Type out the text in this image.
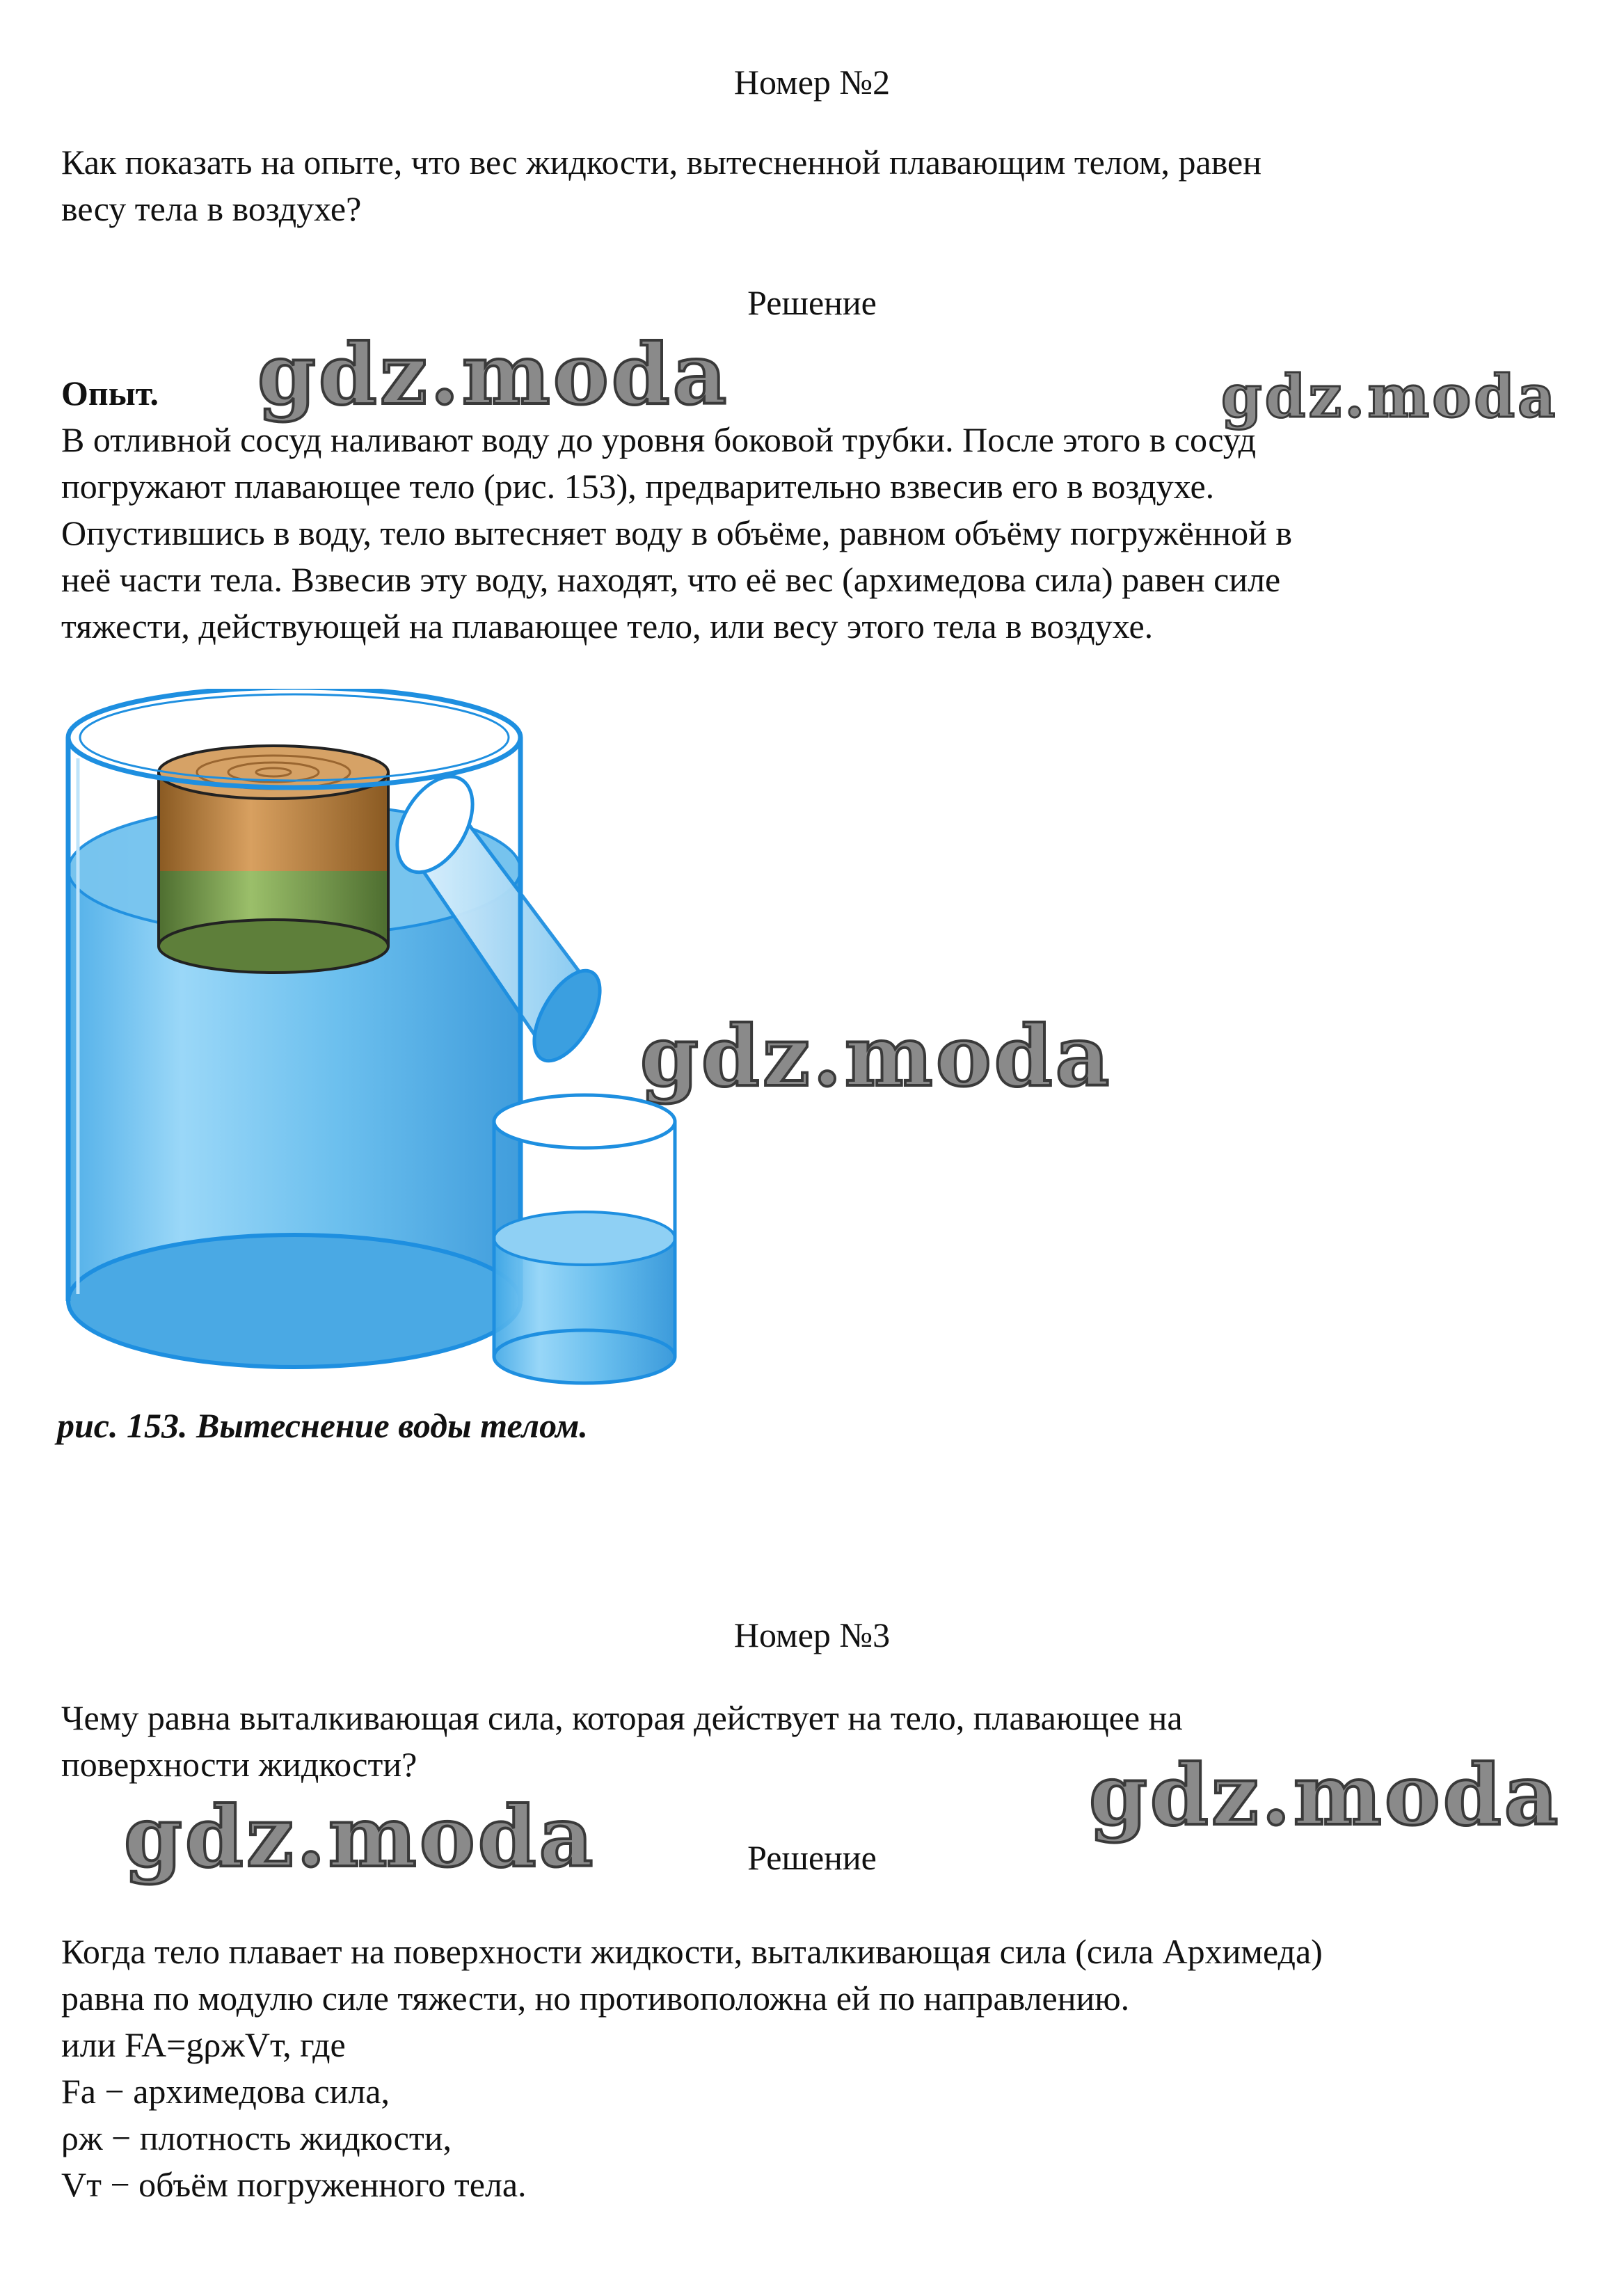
Номер №2

Как показать на опыте, что вес жидкости, вытесненной плавающим телом, равен

весу тела в воздухе?

Решение

Опыт.

В отливной сосуд наливают воду до уровня боковой трубки. После этого в сосуд

погружают плавающее тело (рис. 153), предварительно взвесив его в воздухе.

Опустившись в воду, тело вытесняет воду в объёме, равном объёму погружённой в

неё части тела. Взвесив эту воду, находят, что её вес (архимедова сила) равен силе

тяжести, действующей на плавающее тело, или весу этого тела в воздухе.

gdz.moda	gdz.moda
gdz.moda
gdz.moda
gdz.moda
рис. 153. Вытеснение воды телом.
Номер №3

Чему равна выталкивающая сила, которая действует на тело, плавающее на

поверхности жидкости?

Решение

Когда тело плавает на поверхности жидкости, выталкивающая сила (сила Архимеда)

равна по модулю силе тяжести, но противоположна ей по направлению.

или FA=gρжVт, где

Fa − архимедова сила,

ρж − плотность жидкости,

Vт − объём погруженного тела.
